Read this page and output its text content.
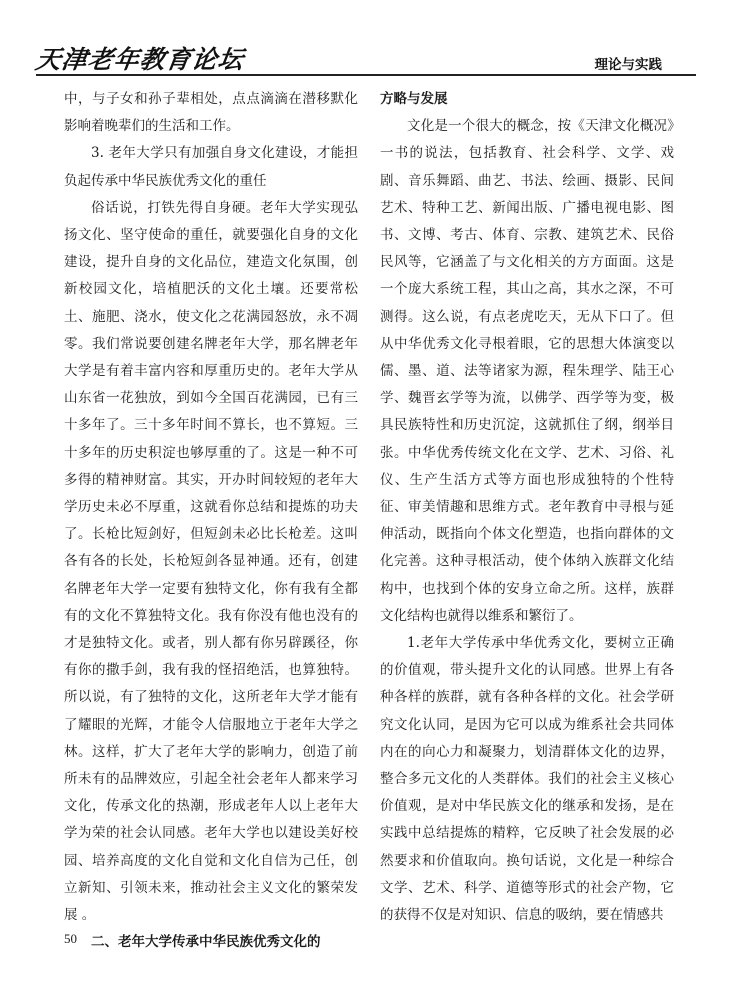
天津老年教育论坛	理论与实践

中，与子女和孙子辈相处，点点滴滴在潜移默化影响着晚辈们的生活和工作。

3. 老年大学只有加强自身文化建设，才能担负起传承中华民族优秀文化的重任

俗话说，打铁先得自身硬。老年大学实现弘扬文化、坚守使命的重任，就要强化自身的文化建设，提升自身的文化品位，建造文化氛围，创新校园文化，培植肥沃的文化土壤。还要常松土、施肥、浇水，使文化之花满园怒放，永不凋零。我们常说要创建名牌老年大学，那名牌老年大学是有着丰富内容和厚重历史的。老年大学从山东省一花独放，到如今全国百花满园，已有三十多年了。三十多年时间不算长，也不算短。三十多年的历史积淀也够厚重的了。这是一种不可多得的精神财富。其实，开办时间较短的老年大学历史未必不厚重，这就看你总结和提炼的功夫了。长枪比短剑好，但短剑未必比长枪差。这叫各有各的长处，长枪短剑各显神通。还有，创建名牌老年大学一定要有独特文化，你有我有全都有的文化不算独特文化。我有你没有他也没有的才是独特文化。或者，别人都有你另辟蹊径，你有你的撒手剑，我有我的怪招绝活，也算独特。所以说，有了独特的文化，这所老年大学才能有了耀眼的光辉，才能令人信服地立于老年大学之林。这样，扩大了老年大学的影响力，创造了前所未有的品牌效应，引起全社会老年人都来学习文化，传承文化的热潮，形成老年人以上老年大学为荣的社会认同感。老年大学也以建设美好校园、培养高度的文化自觉和文化自信为己任，创立新知、引领未来，推动社会主义文化的繁荣发展 。

二、老年大学传承中华民族优秀文化的
方略与发展

文化是一个很大的概念，按《天津文化概况》一书的说法，包括教育、社会科学、文学、戏剧、音乐舞蹈、曲艺、书法、绘画、摄影、民间艺术、特种工艺、新闻出版、广播电视电影、图书、文博、考古、体育、宗教、建筑艺术、民俗民风等，它涵盖了与文化相关的方方面面。这是一个庞大系统工程，其山之高，其水之深，不可测得。这么说，有点老虎吃天，无从下口了。但从中华优秀文化寻根着眼，它的思想大体演变以儒、墨、道、法等诸家为源，程朱理学、陆王心学、魏晋玄学等为流，以佛学、西学等为变，极具民族特性和历史沉淀，这就抓住了纲，纲举目张。中华优秀传统文化在文学、艺术、习俗、礼仪、生产生活方式等方面也形成独特的个性特征、审美情趣和思维方式。老年教育中寻根与延伸活动，既指向个体文化塑造，也指向群体的文化完善。这种寻根活动，使个体纳入族群文化结构中，也找到个体的安身立命之所。这样，族群文化结构也就得以维系和繁衍了。

1.老年大学传承中华优秀文化，要树立正确的价值观，带头提升文化的认同感。世界上有各种各样的族群，就有各种各样的文化。社会学研究文化认同，是因为它可以成为维系社会共同体内在的向心力和凝聚力，划清群体文化的边界，整合多元文化的人类群体。我们的社会主义核心价值观，是对中华民族文化的继承和发扬，是在实践中总结提炼的精粹，它反映了社会发展的必然要求和价值取向。换句话说，文化是一种综合文学、艺术、科学、道德等形式的社会产物，它的获得不仅是对知识、信息的吸纳，要在情感共

50
